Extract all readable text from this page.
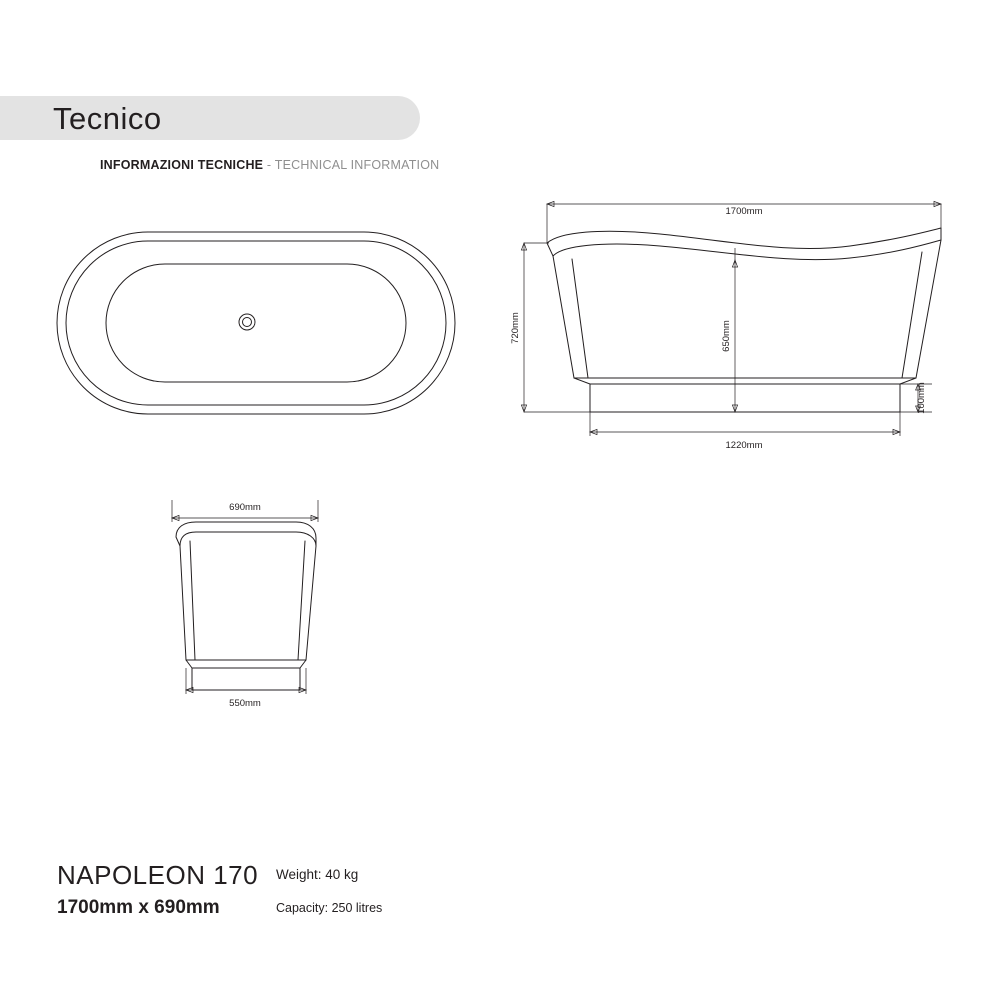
Tecnico
INFORMAZIONI TECNICHE - TECHNICAL INFORMATION
1700mm
720mm	650mm
100mm
1220mm
690mm
550mm
NAPOLEON 170
1700mm x 690mm
Weight: 40 kg
Capacity: 250 litres
